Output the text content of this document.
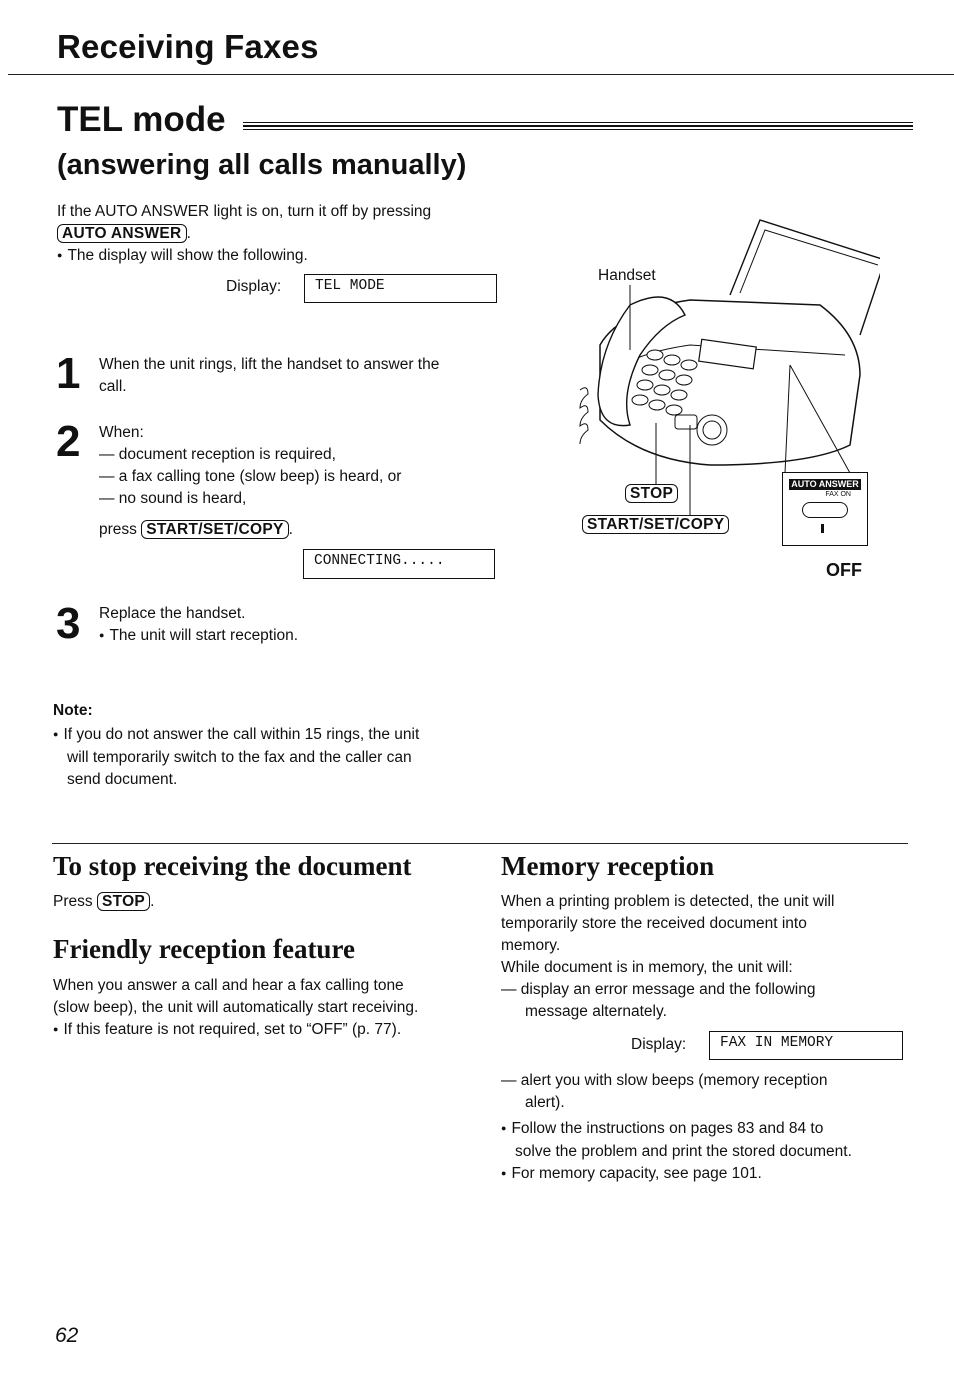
Receiving Faxes
TEL mode
(answering all calls manually)
If the AUTO ANSWER light is on, turn it off by pressing
AUTO ANSWER .
● The display will show the following.
Display:	TEL MODE
1 When the unit rings, lift the handset to answer the
call.
2 When:
— document reception is required,
— a fax calling tone (slow beep) is heard, or
— no sound is heard,
press START/SET/COPY .
CONNECTING.....
3 Replace the handset.
● The unit will start reception.
Handset
STOP
START/SET/COPY
AUTO ANSWER
FAX ON
OFF
Note:
● If you do not answer the call within 15 rings, the unit
will temporarily switch to the fax and the caller can
send document.
To stop receiving the document
Press STOP .
Friendly reception feature
When you answer a call and hear a fax calling tone
(slow beep), the unit will automatically start receiving.
● If this feature is not required, set to “OFF” (p. 77).
Memory reception
When a printing problem is detected, the unit will
temporarily store the received document into
memory.
While document is in memory, the unit will:
— display an error message and the following
message alternately.
Display:	FAX IN MEMORY
— alert you with slow beeps (memory reception
alert).
● Follow the instructions on pages 83 and 84 to
solve the problem and print the stored document.
● For memory capacity, see page 101.
62
